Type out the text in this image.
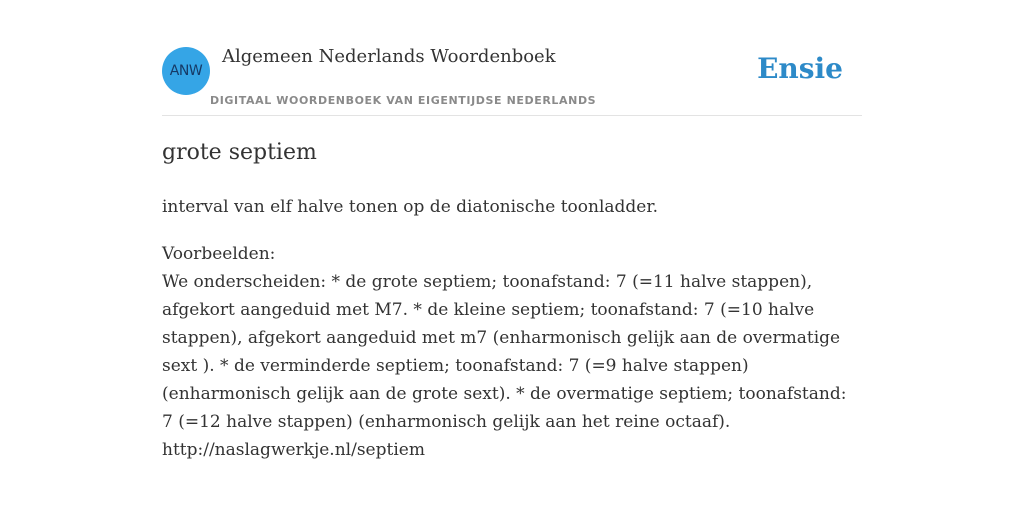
ANW
Algemeen Nederlands Woordenboek
DIGITAAL WOORDENBOEK VAN EIGENTIJDSE NEDERLANDS
Ensie
grote septiem

interval van elf halve tonen op de diatonische toonladder.

Voorbeelden:
We onderscheiden: * de grote septiem; toonafstand: 7 (=11 halve stappen), afgekort aangeduid met M7. * de kleine septiem; toonafstand: 7 (=10 halve stappen), afgekort aangeduid met m7 (enharmonisch gelijk aan de overmatige sext ). * de verminderde septiem; toonafstand: 7 (=9 halve stappen) (enharmonisch gelijk aan de grote sext). * de overmatige septiem; toonafstand: 7 (=12 halve stappen) (enharmonisch gelijk aan het reine octaaf).
http://naslagwerkje.nl/septiem
